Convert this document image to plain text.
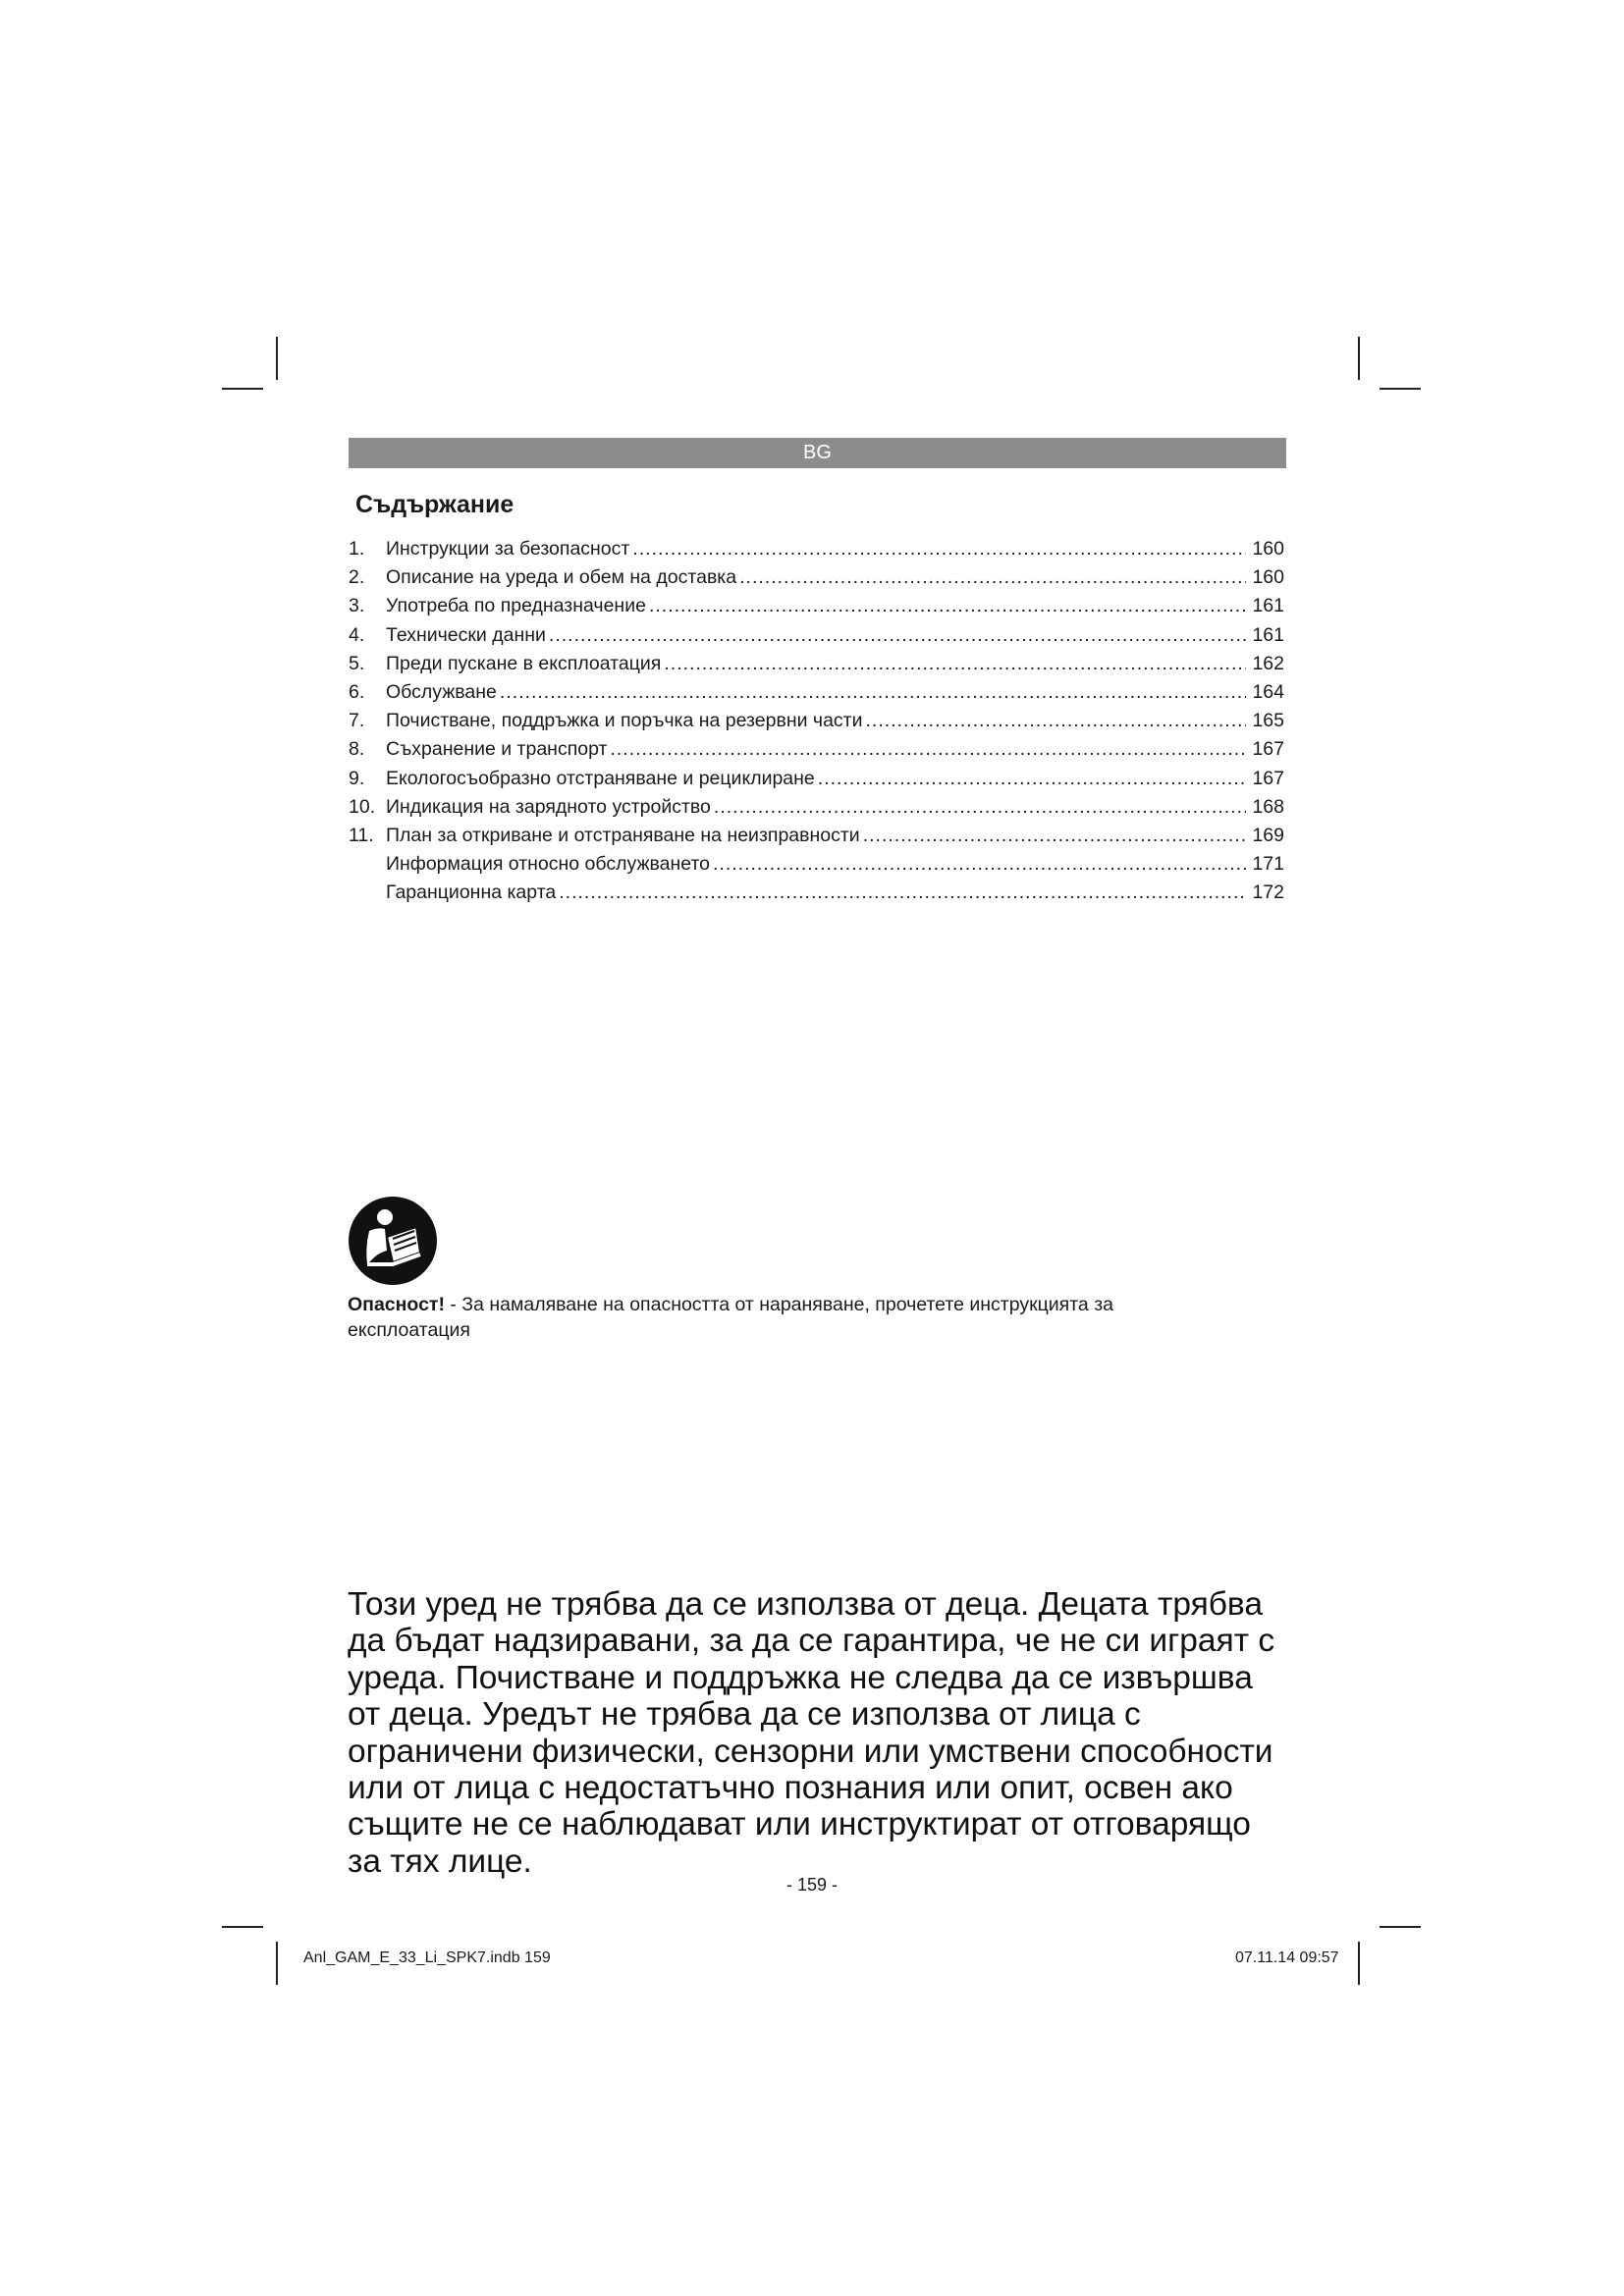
BG
Съдържание
1.	Инструкции за безопасност .....	160
2.	Описание на уреда и обем на доставка .....	160
3.	Употреба по предназначение .....	161
4.	Технически данни .....	161
5.	Преди пускане в експлоатация .....	162
6.	Обслужване .....	164
7.	Почистване, поддръжка и поръчка на резервни части .....	165
8.	Съхранение и транспорт .....	167
9.	Екологосъобразно отстраняване и рециклиране .....	167
10. Индикация на зарядното устройство .....	168
11. План за откриване и отстраняване на неизправности .....	169
Информация относно обслужването .....	171
Гаранционна карта .....	172

Опасност! - За намаляване на опасността от нараняване, прочетете инструкцията за експлоатация

Този уред не трябва да се използва от деца. Децата трябва да бъдат надзиравани, за да се гарантира, че не си играят с уреда. Почистване и поддръжка не следва да се извършва от деца. Уредът не трябва да се използва от лица с ограничени физически, сензорни или умствени способности или от лица с недостатъчно познания или опит, освен ако същите не се наблюдават или инструктират от отговарящо за тях лице.

- 159 -
Anl_GAM_E_33_Li_SPK7.indb 159	07.11.14 09:57
